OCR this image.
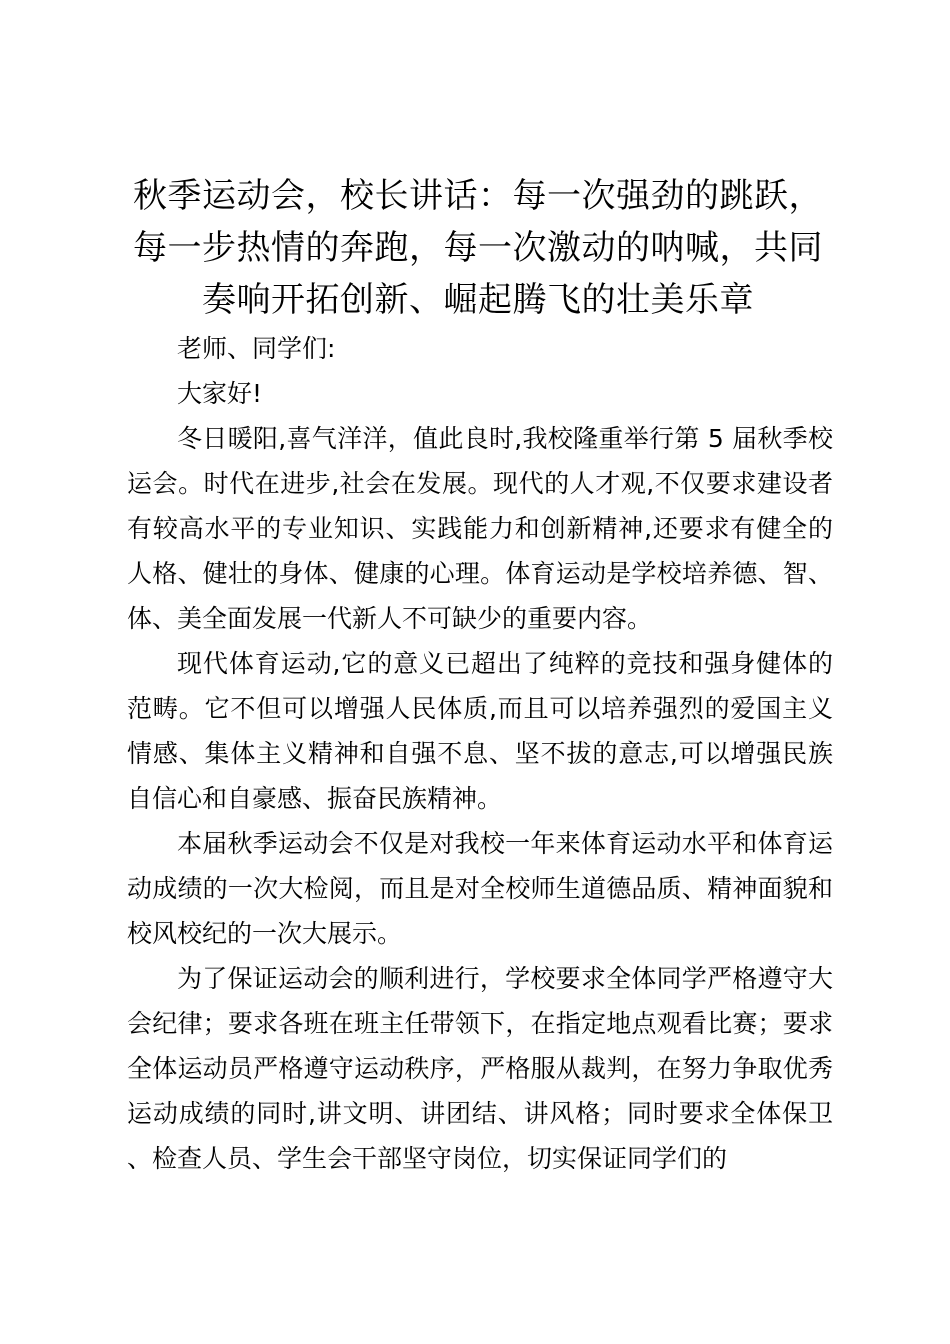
秋季运动会，校长讲话：每一次强劲的跳跃，每一步热情的奔跑，每一次激动的呐喊，共同奏响开拓创新、崛起腾飞的壮美乐章

老师、同学们:

大家好!

冬日暖阳,喜气洋洋，值此良时,我校隆重举行第 5 届秋季校运会。时代在进步,社会在发展。现代的人才观,不仅要求建设者有较高水平的专业知识、实践能力和创新精神,还要求有健全的人格、健壮的身体、健康的心理。体育运动是学校培养德、智、体、美全面发展一代新人不可缺少的重要内容。

现代体育运动,它的意义已超出了纯粹的竞技和强身健体的范畴。它不但可以增强人民体质,而且可以培养强烈的爱国主义情感、集体主义精神和自强不息、坚不拔的意志,可以增强民族自信心和自豪感、振奋民族精神。

本届秋季运动会不仅是对我校一年来体育运动水平和体育运动成绩的一次大检阅，而且是对全校师生道德品质、精神面貌和校风校纪的一次大展示。

为了保证运动会的顺利进行，学校要求全体同学严格遵守大会纪律；要求各班在班主任带领下，在指定地点观看比赛；要求全体运动员严格遵守运动秩序，严格服从裁判，在努力争取优秀运动成绩的同时,讲文明、讲团结、讲风格；同时要求全体保卫、检查人员、学生会干部坚守岗位，切实保证同学们的
